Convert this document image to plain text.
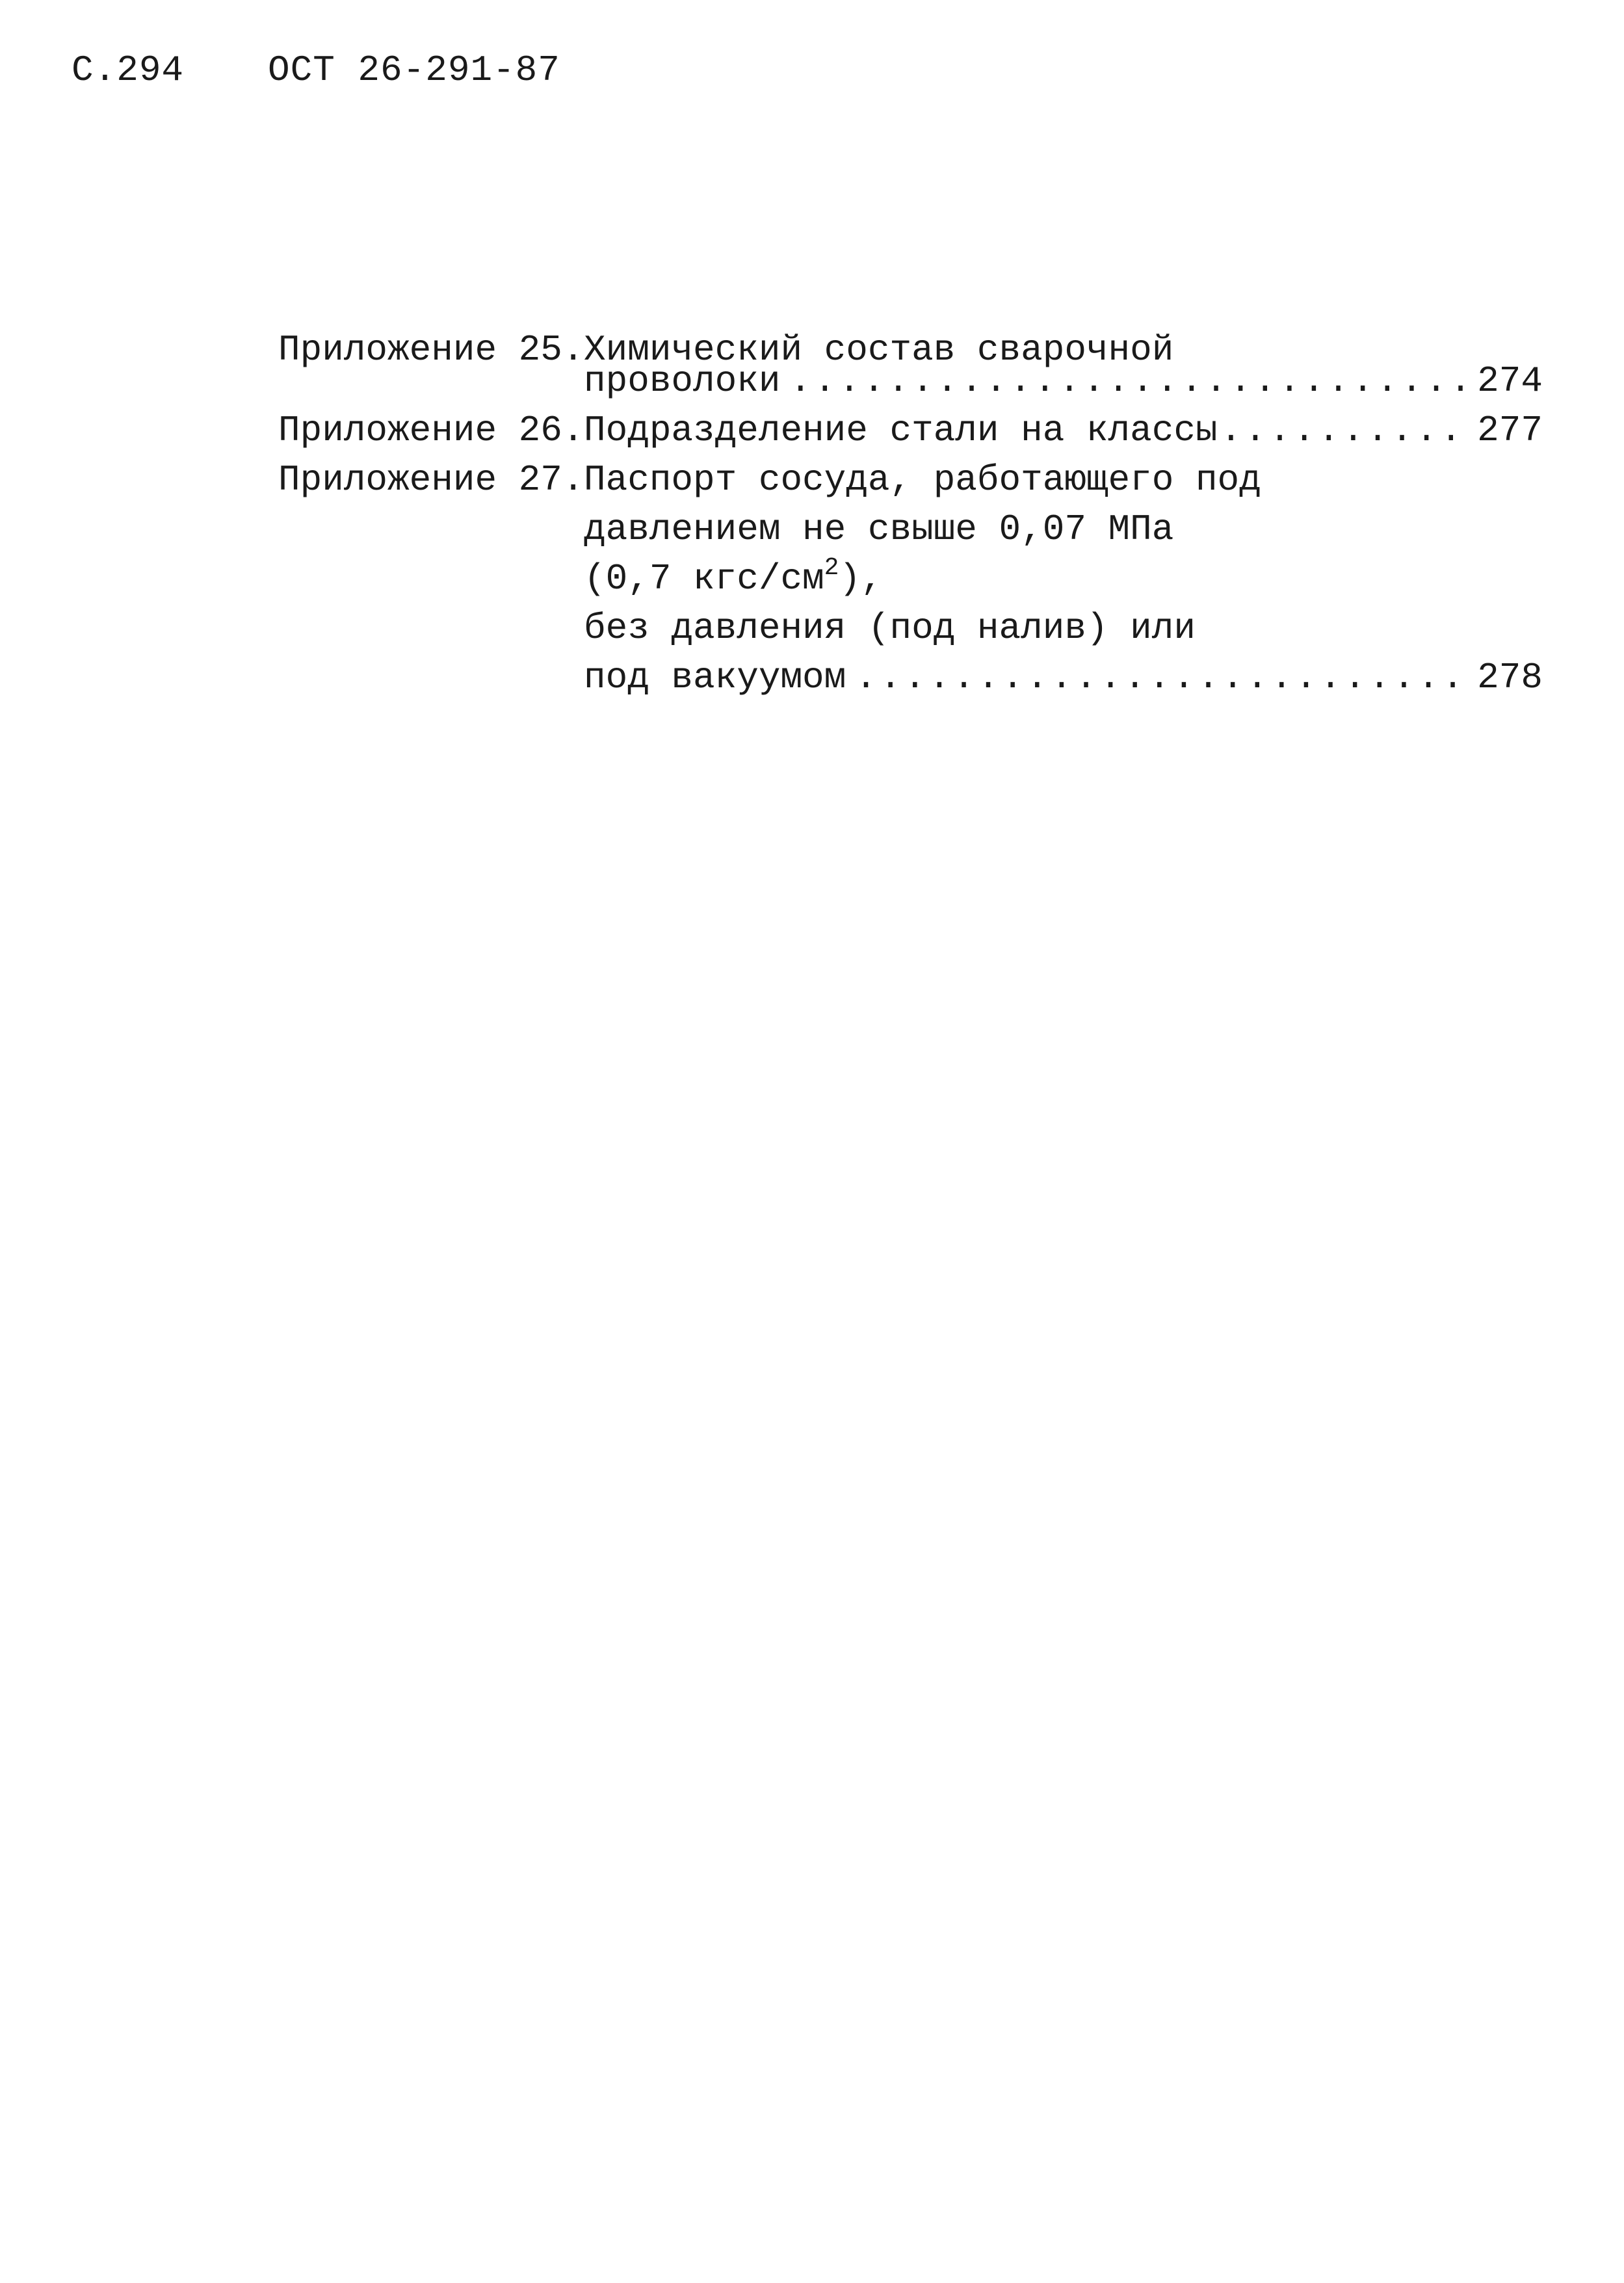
С.294 ОСТ 26-291-87
Приложение 25. Химический состав сварочной
проволоки .....	274
Приложение 26. Подразделение стали на классы .....	277
Приложение 27. Паспорт сосуда, работающего под
давлением не свыше 0,07 МПа
(0,7 кгс/$см^2$),
без давления (под налив) или
под вакуумом .....	278
